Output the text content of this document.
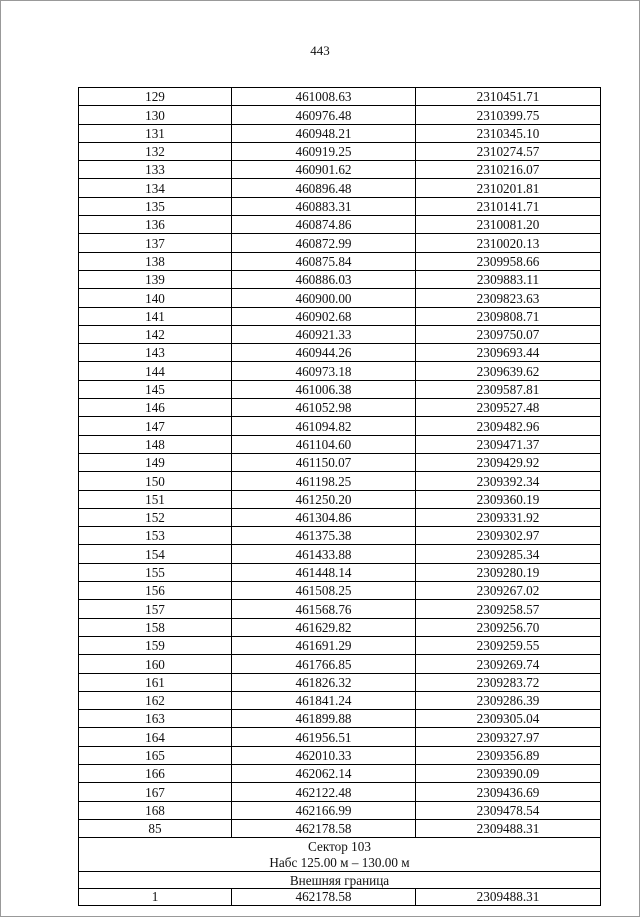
443
129	461008.63	2310451.71
130	460976.48	2310399.75
131	460948.21	2310345.10
132	460919.25	2310274.57
133	460901.62	2310216.07
134	460896.48	2310201.81
135	460883.31	2310141.71
136	460874.86	2310081.20
137	460872.99	2310020.13
138	460875.84	2309958.66
139	460886.03	2309883.11
140	460900.00	2309823.63
141	460902.68	2309808.71
142	460921.33	2309750.07
143	460944.26	2309693.44
144	460973.18	2309639.62
145	461006.38	2309587.81
146	461052.98	2309527.48
147	461094.82	2309482.96
148	461104.60	2309471.37
149	461150.07	2309429.92
150	461198.25	2309392.34
151	461250.20	2309360.19
152	461304.86	2309331.92
153	461375.38	2309302.97
154	461433.88	2309285.34
155	461448.14	2309280.19
156	461508.25	2309267.02
157	461568.76	2309258.57
158	461629.82	2309256.70
159	461691.29	2309259.55
160	461766.85	2309269.74
161	461826.32	2309283.72
162	461841.24	2309286.39
163	461899.88	2309305.04
164	461956.51	2309327.97
165	462010.33	2309356.89
166	462062.14	2309390.09
167	462122.48	2309436.69
168	462166.99	2309478.54
85	462178.58	2309488.31

Сектор 103
Набс 125.00 м – 130.00 м		

Внешняя граница		
1	462178.58	2309488.31
